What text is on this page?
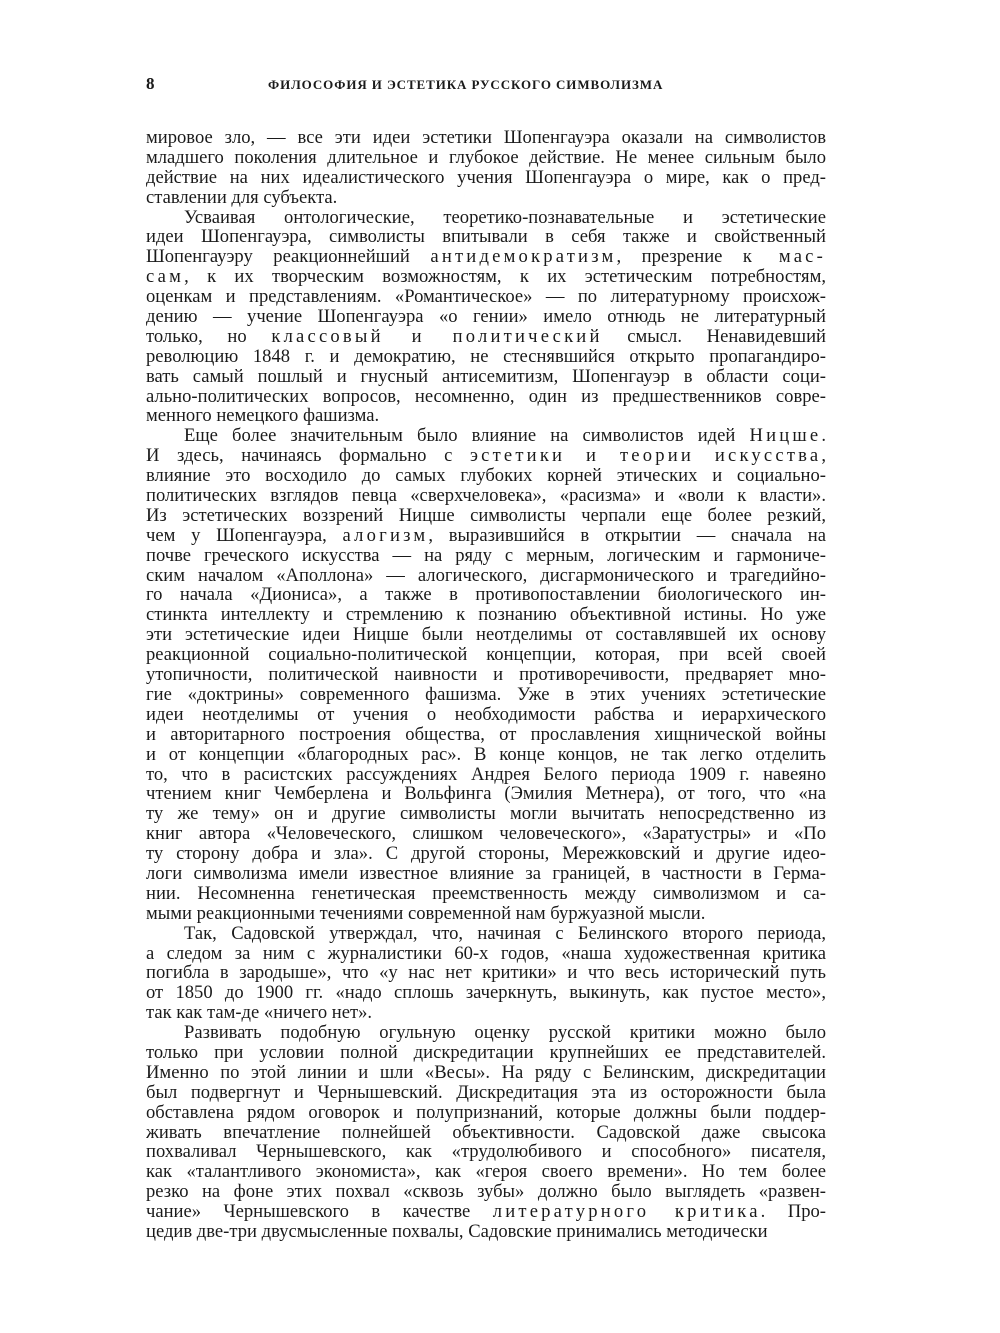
8	ФИЛОСОФИЯ И ЭСТЕТИКА РУССКОГО СИМВОЛИЗМА
мировое зло, — все эти идеи эстетики Шопенгауэра оказали на символистов
младшего поколения длительное и глубокое действие. Не менее сильным было
действие на них идеалистического учения Шопенгауэра о мире, как о пред-
ставлении для субъекта.
Усваивая онтологические, теоретико-познавательные и эстетические
идеи Шопенгауэра, символисты впитывали в себя также и свойственный
Шопенгауэру реакционнейший антидемократизм, презрение к мас-
сам, к их творческим возможностям, к их эстетическим потребностям,
оценкам и представлениям. «Романтическое» — по литературному происхож-
дению — учение Шопенгауэра «о гении» имело отнюдь не литературный
только, но классовый и политический смысл. Ненавидевший
революцию 1848 г. и демократию, не стеснявшийся открыто пропагандиро-
вать самый пошлый и гнусный антисемитизм, Шопенгауэр в области соци-
ально-политических вопросов, несомненно, один из предшественников совре-
менного немецкого фашизма.
Еще более значительным было влияние на символистов идей Ницше.
И здесь, начинаясь формально с эстетики и теории искусства,
влияние это восходило до самых глубоких корней этических и социально-
политических взглядов певца «сверхчеловека», «расизма» и «воли к власти».
Из эстетических воззрений Ницше символисты черпали еще более резкий,
чем у Шопенгауэра, алогизм, выразившийся в открытии — сначала на
почве греческого искусства — на ряду с мерным, логическим и гармониче-
ским началом «Аполлона» — алогического, дисгармонического и трагедийно-
го начала «Диониса», а также в противопоставлении биологического ин-
стинкта интеллекту и стремлению к познанию объективной истины. Но уже
эти эстетические идеи Ницше были неотделимы от составлявшей их основу
реакционной социально-политической концепции, которая, при всей своей
утопичности, политической наивности и противоречивости, предваряет мно-
гие «доктрины» современного фашизма. Уже в этих учениях эстетические
идеи неотделимы от учения о необходимости рабства и иерархического
и авторитарного построения общества, от прославления хищнической войны
и от концепции «благородных рас». В конце концов, не так легко отделить
то, что в расистских рассуждениях Андрея Белого периода 1909 г. навеяно
чтением книг Чемберлена и Вольфинга (Эмилия Метнера), от того, что «на
ту же тему» он и другие символисты могли вычитать непосредственно из
книг автора «Человеческого, слишком человеческого», «Заратустры» и «По
ту сторону добра и зла». С другой стороны, Мережковский и другие идео-
логи символизма имели известное влияние за границей, в частности в Герма-
нии. Несомненна генетическая преемственность между символизмом и са-
мыми реакционными течениями современной нам буржуазной мысли.
Так, Садовской утверждал, что, начиная с Белинского второго периода,
а следом за ним с журналистики 60-х годов, «наша художественная критика
погибла в зародыше», что «у нас нет критики» и что весь исторический путь
от 1850 до 1900 гг. «надо сплошь зачеркнуть, выкинуть, как пустое место»,
так как там-де «ничего нет».
Развивать подобную огульную оценку русской критики можно было
только при условии полной дискредитации крупнейших ее представителей.
Именно по этой линии и шли «Весы». На ряду с Белинским, дискредитации
был подвергнут и Чернышевский. Дискредитация эта из осторожности была
обставлена рядом оговорок и полупризнаний, которые должны были поддер-
живать впечатление полнейшей объективности. Садовской даже свысока
похваливал Чернышевского, как «трудолюбивого и способного» писателя,
как «талантливого экономиста», как «героя своего времени». Но тем более
резко на фоне этих похвал «сквозь зубы» должно было выглядеть «развен-
чание» Чернышевского в качестве литературного критика. Про-
цедив две-три двусмысленные похвалы, Садовские принимались методически
